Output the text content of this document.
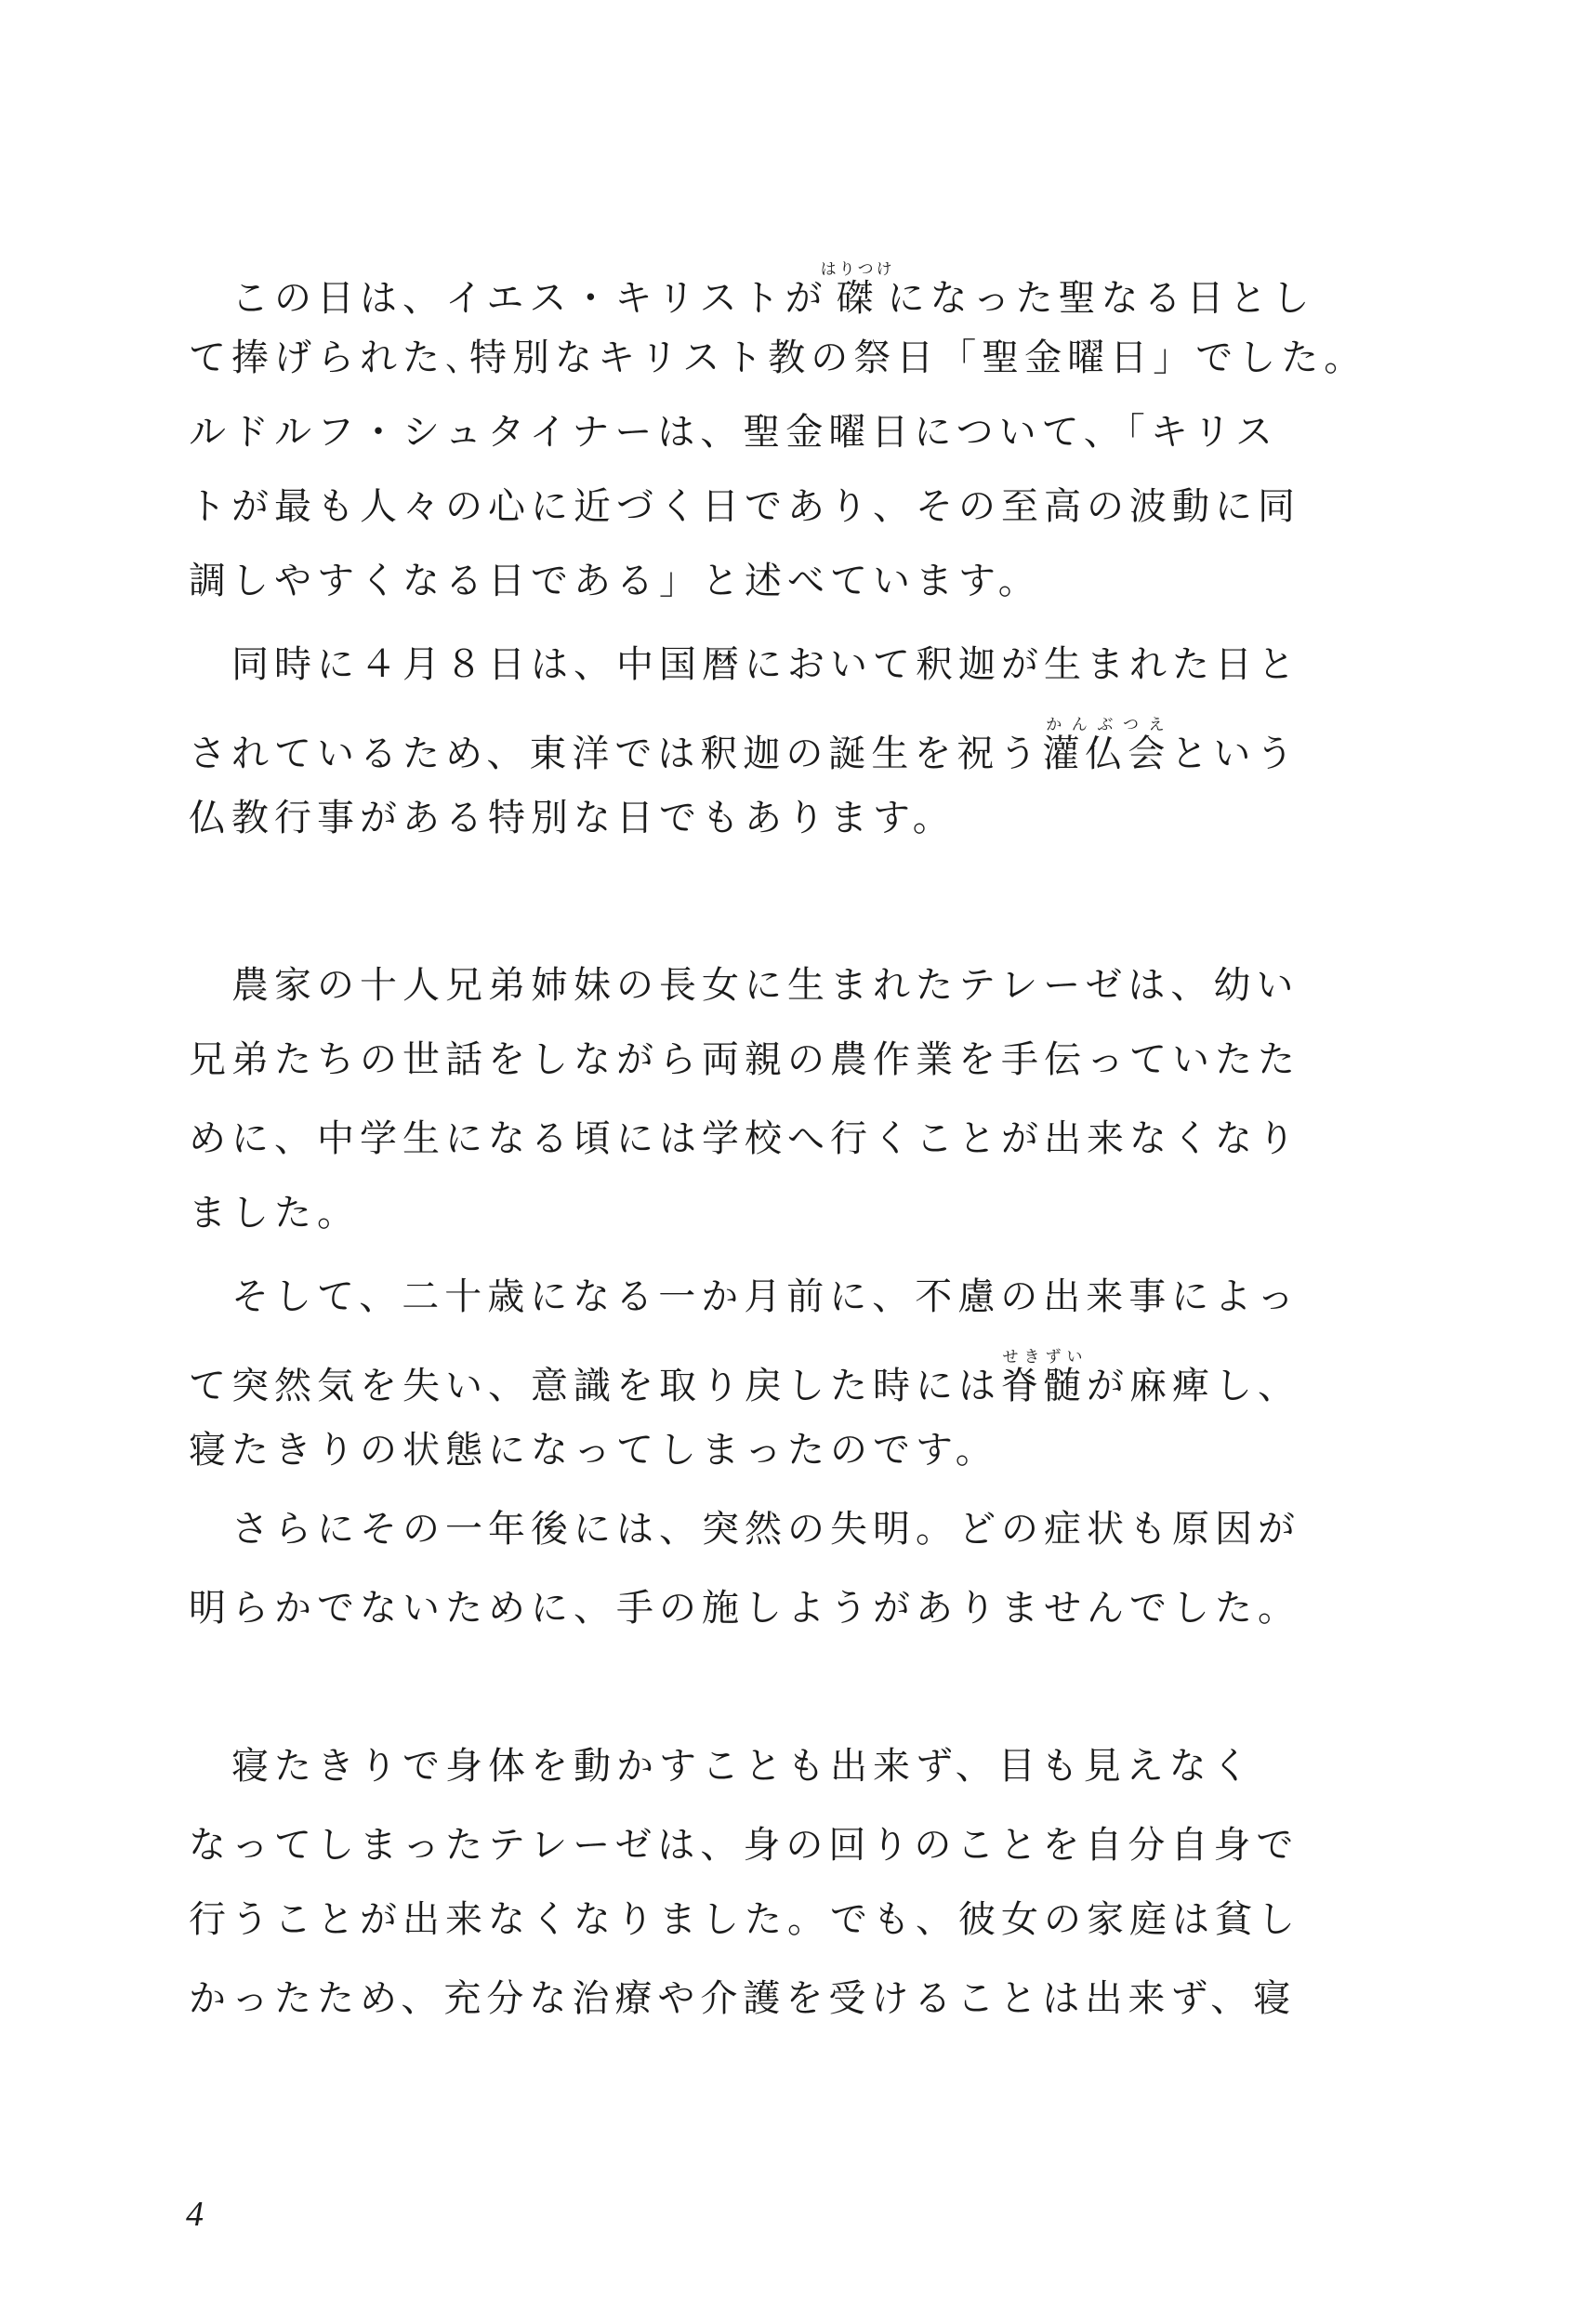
この日は、イエス・キリストが磔はりつけになった聖なる日とし
て捧げられた､特別なキリスト教の祭日「聖金曜日」でした。
ルドルフ・シュタイナーは、聖金曜日について、「キリス
トが最も人々の心に近づく日であり、その至高の波動に同
調しやすくなる日である」と述べています。
同時に４月８日は、中国暦において釈迦が生まれた日と
されているため、東洋では釈迦の誕生を祝う灌仏会かんぶつえという
仏教行事がある特別な日でもあります。
農家の十人兄弟姉妹の長女に生まれたテレーゼは、幼い
兄弟たちの世話をしながら両親の農作業を手伝っていたた
めに、中学生になる頃には学校へ行くことが出来なくなり
ました。
そして、二十歳になる一か月前に、不慮の出来事によっ
て突然気を失い、意識を取り戻した時には脊髄せきずいが麻痺し、
寝たきりの状態になってしまったのです。
さらにその一年後には、突然の失明。どの症状も原因が
明らかでないために、手の施しようがありませんでした。
寝たきりで身体を動かすことも出来ず、目も見えなく
なってしまったテレーゼは、身の回りのことを自分自身で
行うことが出来なくなりました。でも、彼女の家庭は貧し
かったため、充分な治療や介護を受けることは出来ず、寝
4
